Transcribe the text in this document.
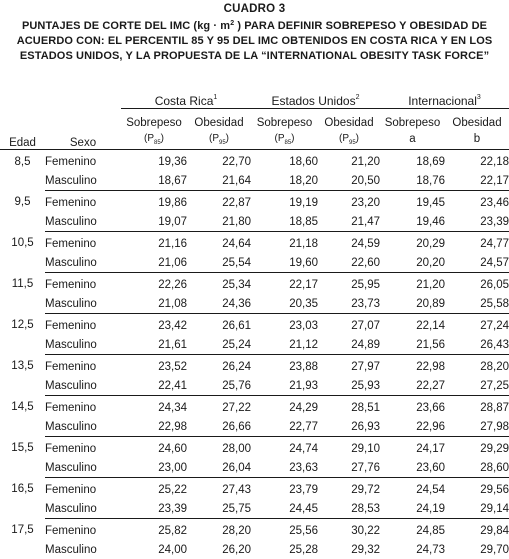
CUADRO 3
PUNTAJES DE CORTE DEL IMC ($kg \cdot m^2$ ) PARA DEFINIR SOBREPESO Y OBESIDAD DE
ACUERDO CON: EL PERCENTIL 85 Y 95 DEL IMC OBTENIDOS EN COSTA RICA Y EN LOS
ESTADOS UNIDOS, Y LA PROPUESTA DE LA “INTERNATIONAL OBESITY TASK FORCE”
		Costa Rica$^1$		Estados Unidos$^2$		Internacional$^3$
Edad	Sexo	Sobrepeso	Obesidad	Sobrepeso	Obesidad	Sobrepeso	Obesidad
		$(P_{85})$	$(P_{95})$	$(P_{85})$	$(P_{95})$	a	b
8,5	Femenino	19,36	22,70	18,60	21,20	18,69	22,18
	Masculino	18,67	21,64	18,20	20,50	18,76	22,17
9,5	Femenino	19,86	22,87	19,19	23,20	19,45	23,46
	Masculino	19,07	21,80	18,85	21,47	19,46	23,39
10,5	Femenino	21,16	24,64	21,18	24,59	20,29	24,77
	Masculino	21,06	25,54	19,60	22,60	20,20	24,57
11,5	Femenino	22,26	25,34	22,17	25,95	21,20	26,05
	Masculino	21,08	24,36	20,35	23,73	20,89	25,58
12,5	Femenino	23,42	26,61	23,03	27,07	22,14	27,24
	Masculino	21,61	25,24	21,12	24,89	21,56	26,43
13,5	Femenino	23,52	26,24	23,88	27,97	22,98	28,20
	Masculino	22,41	25,76	21,93	25,93	22,27	27,25
14,5	Femenino	24,34	27,22	24,29	28,51	23,66	28,87
	Masculino	22,98	26,66	22,77	26,93	22,96	27,98
15,5	Femenino	24,60	28,00	24,74	29,10	24,17	29,29
	Masculino	23,00	26,04	23,63	27,76	23,60	28,60
16,5	Femenino	25,22	27,43	23,79	29,72	24,54	29,56
	Masculino	23,39	25,75	24,45	28,53	24,19	29,14
17,5	Femenino	25,82	28,20	25,56	30,22	24,85	29,84
	Masculino	24,00	26,20	25,28	29,32	24,73	29,70
